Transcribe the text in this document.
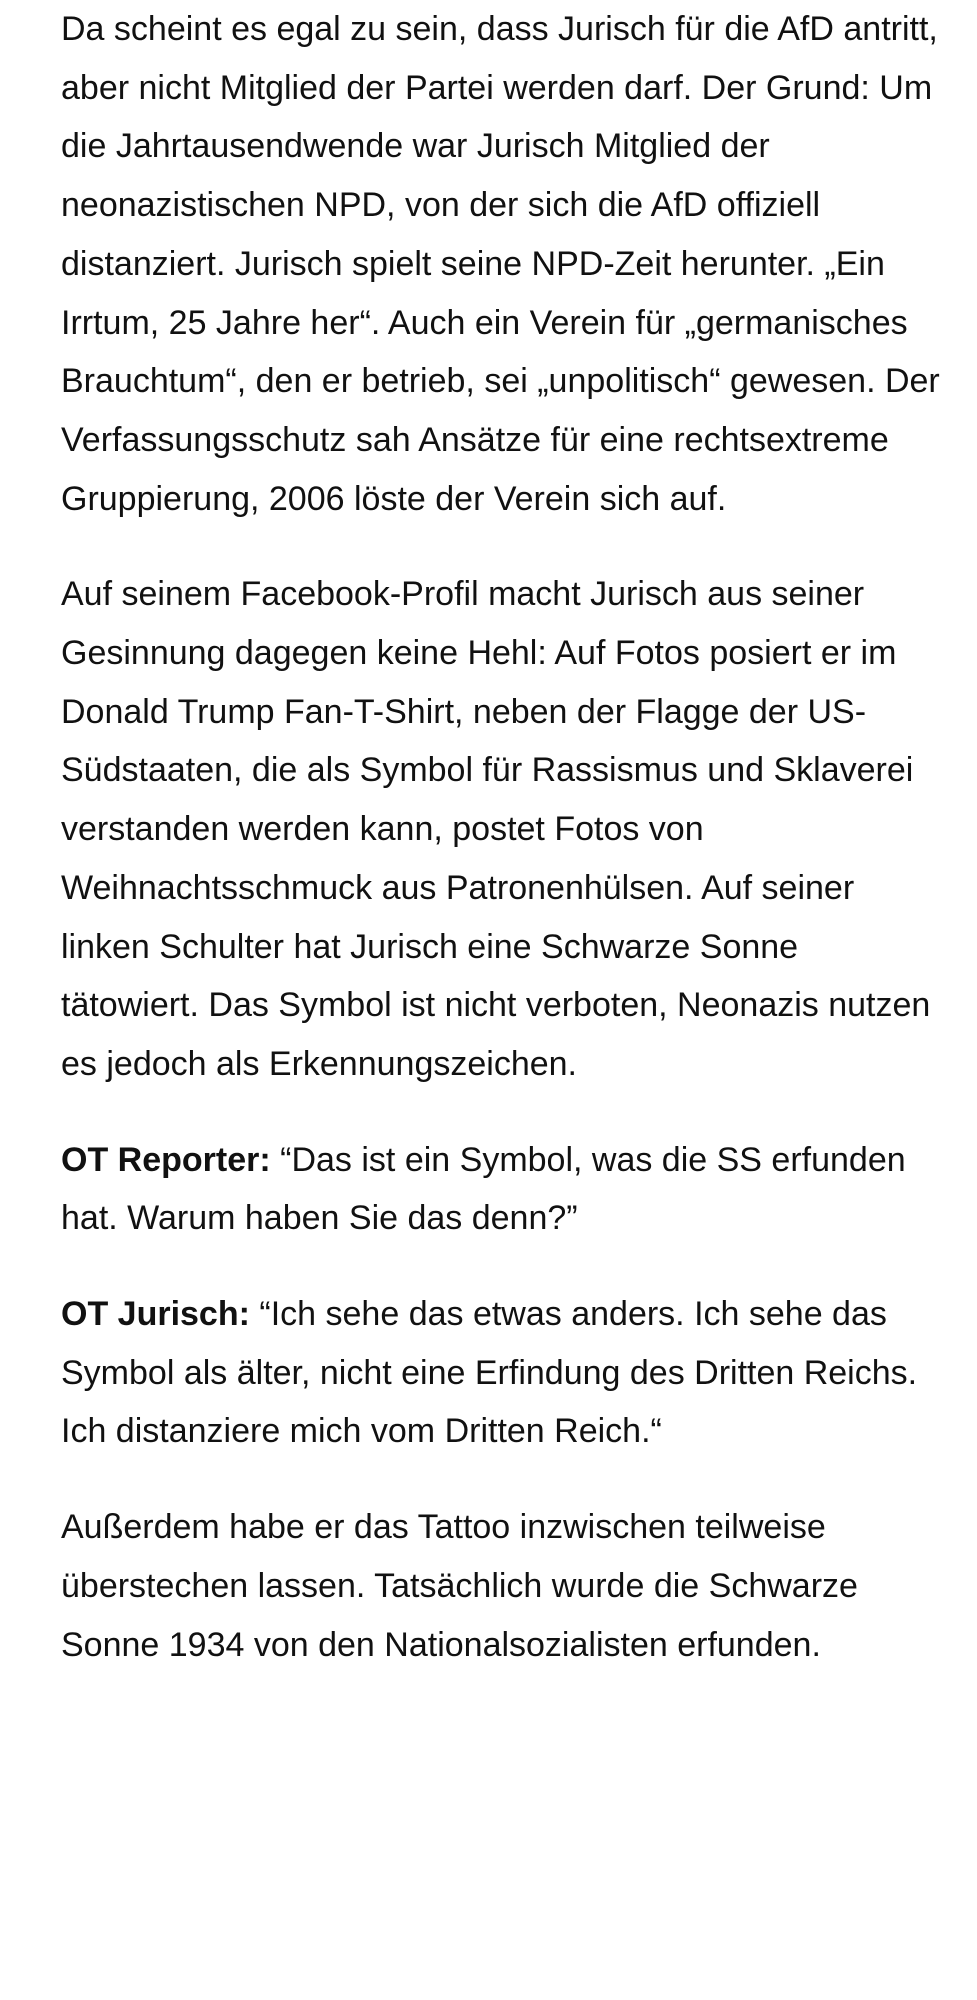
Da scheint es egal zu sein, dass Jurisch für die AfD antritt, aber nicht Mitglied der Partei werden darf. Der Grund: Um die Jahrtausendwende war Jurisch Mitglied der neonazistischen NPD, von der sich die AfD offiziell distanziert. Jurisch spielt seine NPD-Zeit herunter. „Ein Irrtum, 25 Jahre her“. Auch ein Verein für „germanisches Brauchtum“, den er betrieb, sei „unpolitisch“ gewesen. Der Verfassungsschutz sah Ansätze für eine rechtsextreme Gruppierung, 2006 löste der Verein sich auf.

Auf seinem Facebook-Profil macht Jurisch aus seiner Gesinnung dagegen keine Hehl: Auf Fotos posiert er im Donald Trump Fan-T-Shirt, neben der Flagge der US-Südstaaten, die als Symbol für Rassismus und Sklaverei verstanden werden kann, postet Fotos von Weihnachtsschmuck aus Patronenhülsen. Auf seiner linken Schulter hat Jurisch eine Schwarze Sonne tätowiert. Das Symbol ist nicht verboten, Neonazis nutzen es jedoch als Erkennungszeichen.

OT Reporter: “Das ist ein Symbol, was die SS erfunden hat. Warum haben Sie das denn?”

OT Jurisch: “Ich sehe das etwas anders. Ich sehe das Symbol als älter, nicht eine Erfindung des Dritten Reichs. Ich distanziere mich vom Dritten Reich.“

Außerdem habe er das Tattoo inzwischen teilweise überstechen lassen. Tatsächlich wurde die Schwarze Sonne 1934 von den Nationalsozialisten erfunden.
